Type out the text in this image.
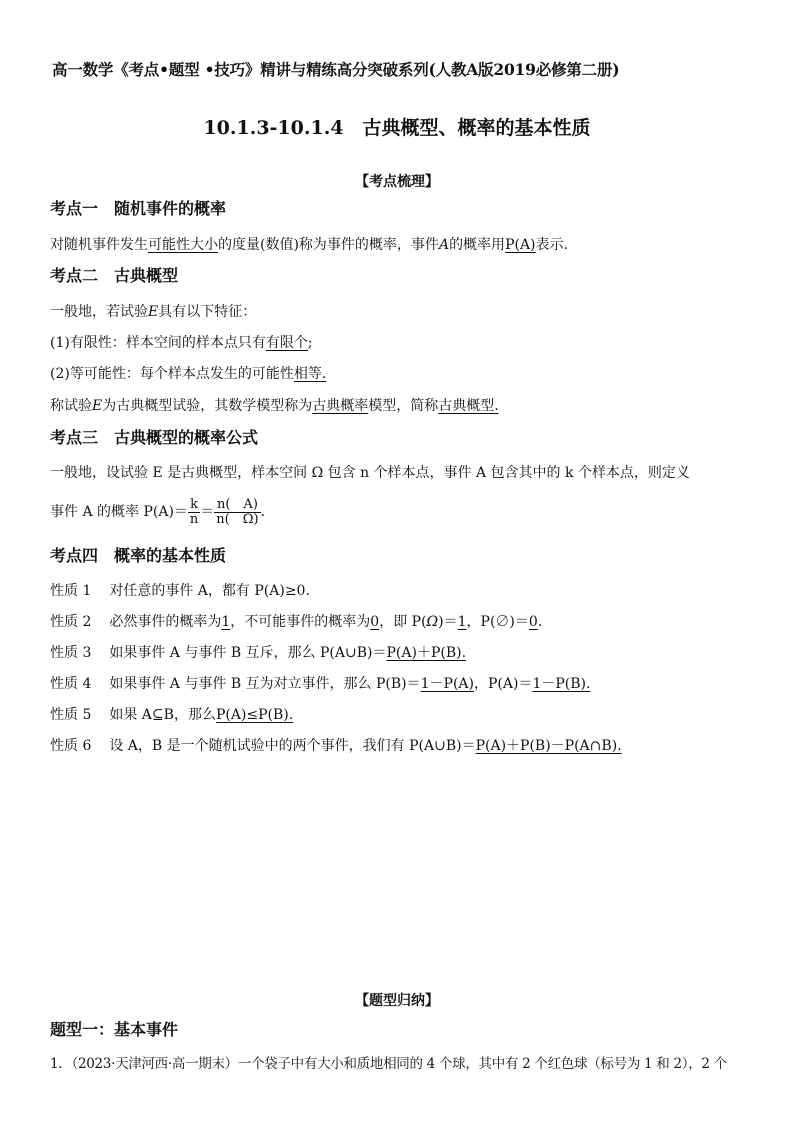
高一数学《考点•题型 •技巧》精讲与精练高分突破系列(人教A版2019必修第二册)
10.1.3-10.1.4　古典概型、概率的基本性质
【考点梳理】
考点一　随机事件的概率
对随机事件发生可能性大小的度量(数值)称为事件的概率，事件A的概率用P(A)表示.
考点二　古典概型
一般地，若试验E具有以下特征：
(1)有限性：样本空间的样本点只有有限个;
(2)等可能性：每个样本点发生的可能性相等.
称试验E为古典概型试验，其数学模型称为古典概率模型，简称古典概型.
考点三　古典概型的概率公式
一般地，设试验 E 是古典概型，样本空间 Ω 包含 n 个样本点，事件 A 包含其中的 k 个样本点，则定义
事件 A 的概率 $P(A)= \frac{k}{n} = \frac{n( A)}{n( \Omega)}$ .
考点四　概率的基本性质
性质 1 对任意的事件 A，都有 P(A)≥0.
性质 2 必然事件的概率为1，不可能事件的概率为0，即 P(Ω)＝1，P(∅)＝0.
性质 3 如果事件 A 与事件 B 互斥，那么 P(A∪B)＝P(A)＋P(B).
性质 4 如果事件 A 与事件 B 互为对立事件，那么 P(B)＝1－P(A)，P(A)＝1－P(B).
性质 5 如果 A⊆B，那么P(A)≤P(B).
性质 6 设 A，B 是一个随机试验中的两个事件，我们有 P(A∪B)＝P(A)＋P(B)－P(A∩B).
【题型归纳】
题型一：基本事件
1．（2023·天津河西·高一期末）一个袋子中有大小和质地相同的 4 个球，其中有 2 个红色球（标号为 1 和 2），2 个
